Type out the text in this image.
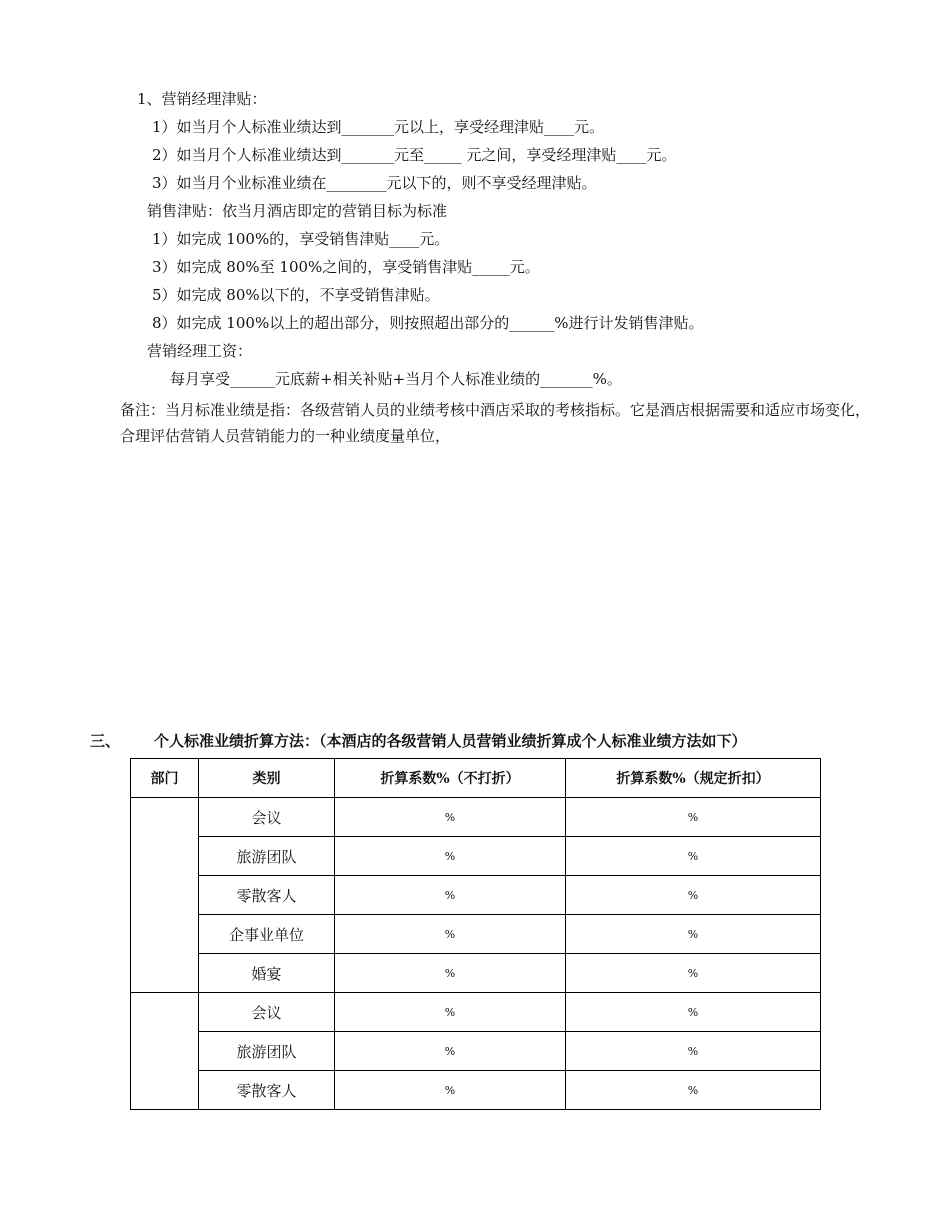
1、营销经理津贴：
1）如当月个人标准业绩达到_______元以上，享受经理津贴____元。
2）如当月个人标准业绩达到_______元至_____ 元之间，享受经理津贴____元。
3）如当月个业标准业绩在________元以下的，则不享受经理津贴。
销售津贴：依当月酒店即定的营销目标为标准
1）如完成 100%的，享受销售津贴____元。
3）如完成 80%至 100%之间的，享受销售津贴_____元。
5）如完成 80%以下的，不享受销售津贴。
8）如完成 100%以上的超出部分，则按照超出部分的______%进行计发销售津贴。
营销经理工资：
每月享受______元底薪+相关补贴+当月个人标准业绩的_______%。
备注：当月标准业绩是指：各级营销人员的业绩考核中酒店采取的考核指标。它是酒店根据需要和适应市场变化，合理评估营销人员营销能力的一种业绩度量单位，
三、 个人标准业绩折算方法：（本酒店的各级营销人员营销业绩折算成个人标准业绩方法如下）
部门	类别	折算系数%（不打折）	折算系数%（规定折扣）
	会议	%	%
	旅游团队	%	%
	零散客人	%	%
	企事业单位	%	%
	婚宴	%	%
	会议	%	%
	旅游团队	%	%
	零散客人	%	%
